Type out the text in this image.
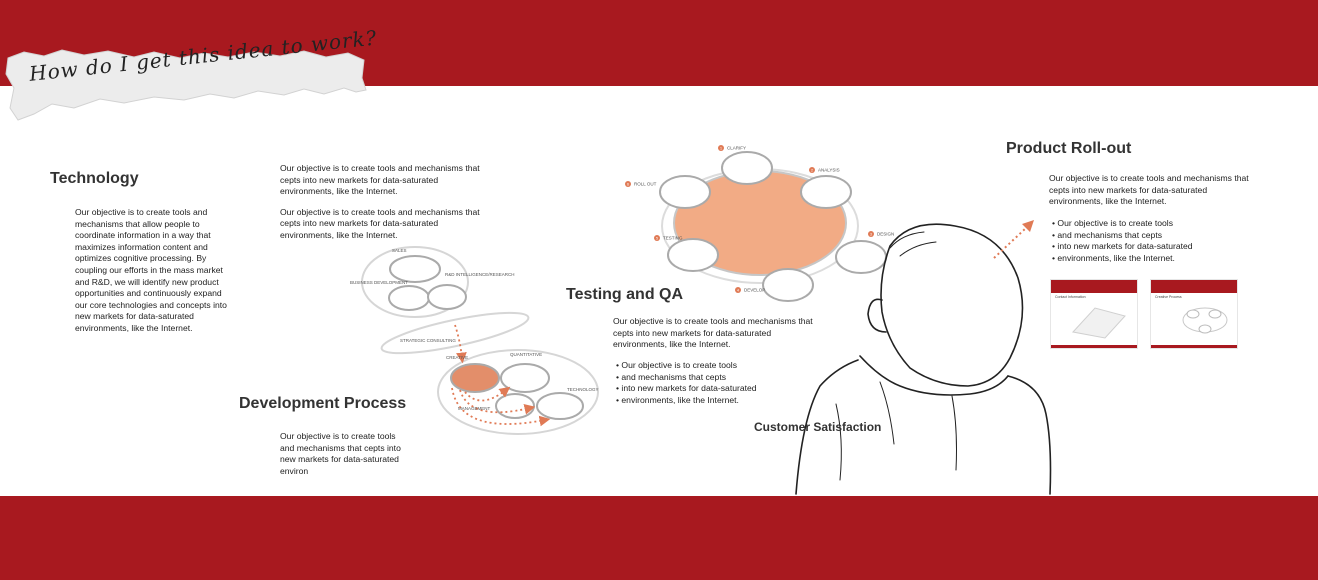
How do I get this idea to work?
Technology
Our objective is to create tools and mechanisms that allow people to coordinate information in a way that maximizes information content and optimizes cognitive processing. By coupling our efforts in the mass market and R&D, we will identify new product opportunities and continuously expand our core technologies and concepts into new markets for data-saturated environments, like the Internet.

Our objective is to create tools and mechanisms that cepts into new markets for data-saturated environments, like the Internet.

Our objective is to create tools and mechanisms that cepts into new markets for data-saturated environments, like the Internet.

SALES
R&D INTELLIGENCE/RESEARCH
BUSINESS DEVELOPMENT
STRATEGIC CONSULTING
CREATIVE
QUANTITATIVE
MANAGEMENT
TECHNOLOGY
Development Process
Our objective is to create tools and mechanisms that cepts into new markets for data-saturated environ
1 CLARIFY
2 ANALYSIS
3 DESIGN
4 DEVELOP
5 TESTING
6 ROLL OUT
Testing and QA
Our objective is to create tools and mechanisms that cepts into new markets for data-saturated environments, like the Internet.
• Our objective is to create tools
• and mechanisms that cepts
• into new markets for data-saturated
• environments, like the Internet.
Customer Satisfaction
Product Roll-out
Our objective is to create tools and mechanisms that cepts into new markets for data-saturated environments, like the Internet.
• Our objective is to create tools
• and mechanisms that cepts
• into new markets for data-saturated
• environments, like the Internet.
Contact Information	Creative Process
